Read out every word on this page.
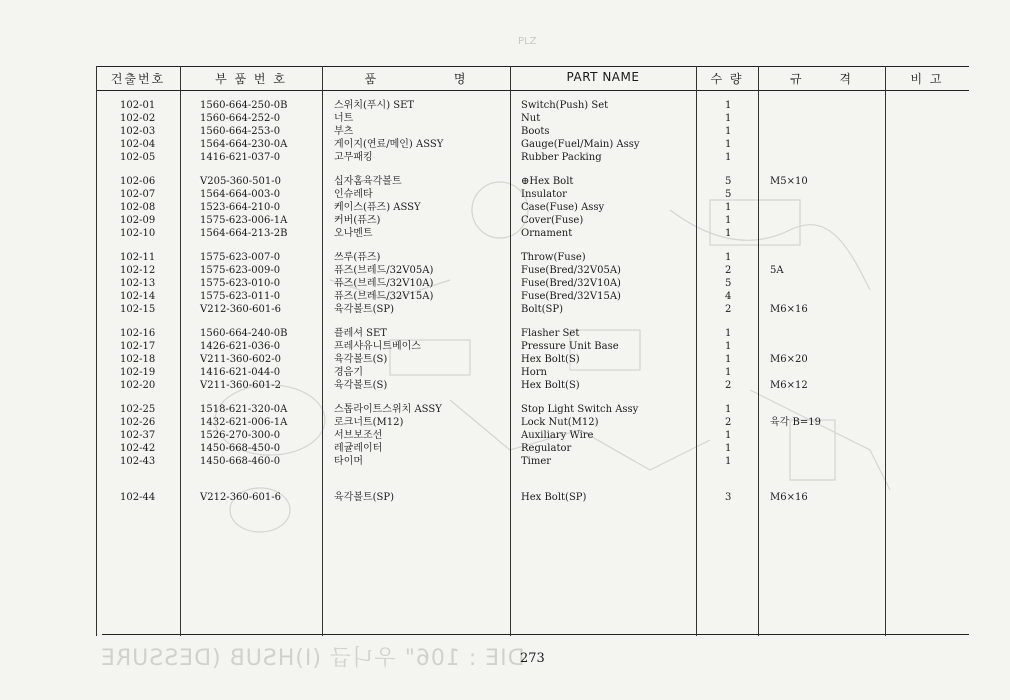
PLZ
건출번호	부 품 번 호	품 명	PART NAME	수 량	규 격	비 고
102-01	1560-664-250-0B	스위치(푸시) SET	Switch(Push) Set	1
102-02	1560-664-252-0	너트	Nut	1
102-03	1560-664-253-0	부츠	Boots	1
102-04	1564-664-230-0A	게이지(연료/메인) ASSY	Gauge(Fuel/Main) Assy	1
102-05	1416-621-037-0	고무패킹	Rubber Packing	1
102-06	V205-360-501-0	십자홈육각볼트	⊕Hex Bolt	5	M5×10
102-07	1564-664-003-0	인슈레타	Insulator	5
102-08	1523-664-210-0	케이스(퓨즈) ASSY	Case(Fuse) Assy	1
102-09	1575-623-006-1A	커버(퓨즈)	Cover(Fuse)	1
102-10	1564-664-213-2B	오나멘트	Ornament	1
102-11	1575-623-007-0	쓰루(퓨즈)	Throw(Fuse)	1
102-12	1575-623-009-0	퓨즈(브레드/32V05A)	Fuse(Bred/32V05A)	2	5A
102-13	1575-623-010-0	퓨즈(브레드/32V10A)	Fuse(Bred/32V10A)	5
102-14	1575-623-011-0	퓨즈(브레드/32V15A)	Fuse(Bred/32V15A)	4
102-15	V212-360-601-6	육각볼트(SP)	Bolt(SP)	2	M6×16
102-16	1560-664-240-0B	플레셔 SET	Flasher Set	1
102-17	1426-621-036-0	프레샤유니트베이스	Pressure Unit Base	1
102-18	V211-360-602-0	육각볼트(S)	Hex Bolt(S)	1	M6×20
102-19	1416-621-044-0	경음기	Horn	1
102-20	V211-360-601-2	육각볼트(S)	Hex Bolt(S)	2	M6×12
102-25	1518-621-320-0A	스톱라이트스위치 ASSY	Stop Light Switch Assy	1
102-26	1432-621-006-1A	로크너트(M12)	Lock Nut(M12)	2	육각 B=19
102-37	1526-270-300-0	서브보조선	Auxiliary Wire	1
102-42	1450-668-450-0	레귤레이터	Regulator	1
102-43	1450-668-460-0	타이머	Timer	1
102-44	V212-360-601-6	육각볼트(SP)	Hex Bolt(SP)	3	M6×16
DIE : 106" 우니급 (I)HSUB (DESSURE
273
